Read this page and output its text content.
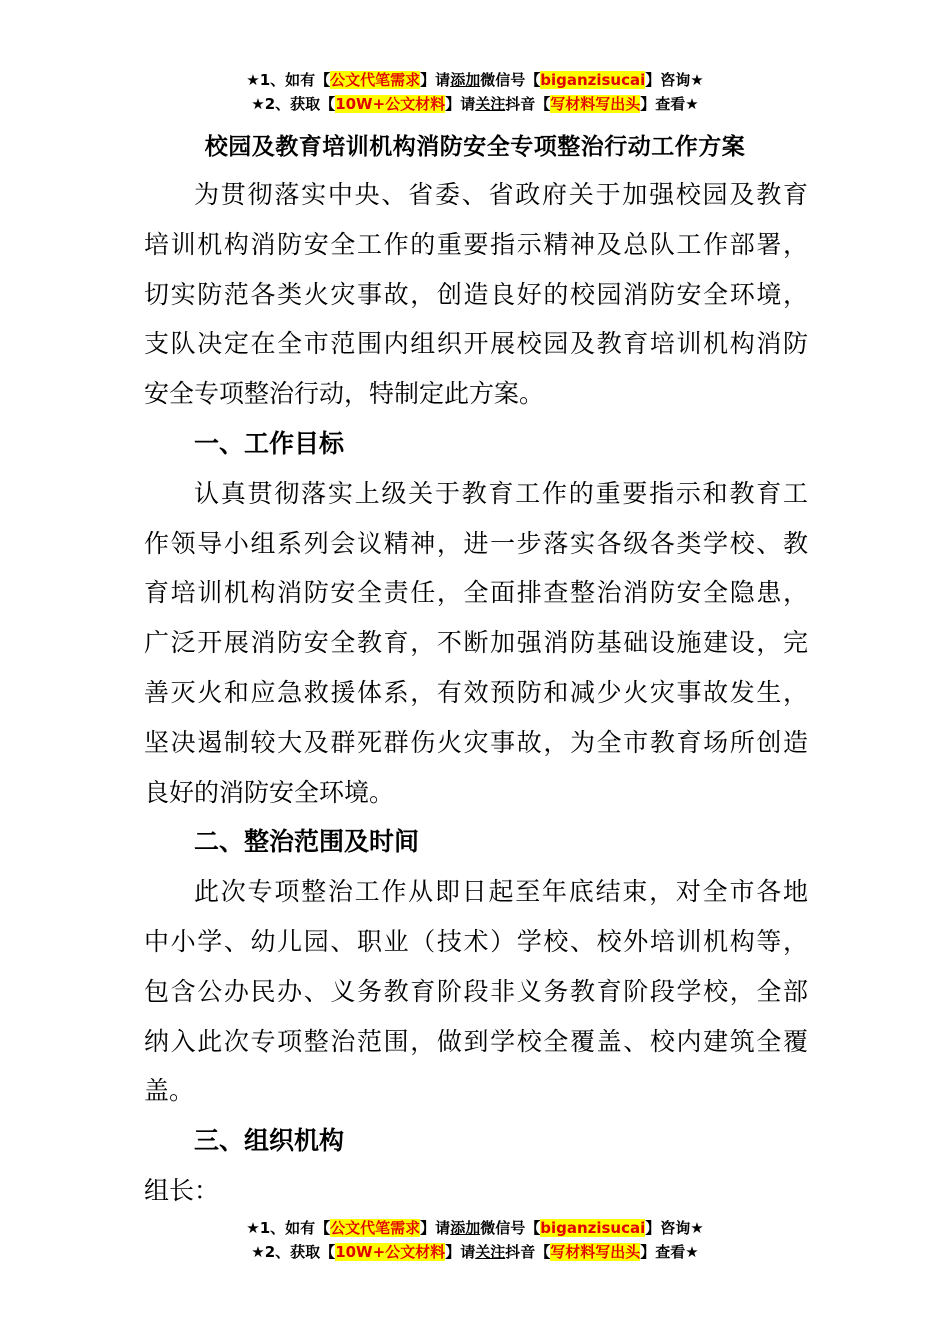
★1、如有【公文代笔需求】请添加微信号【biganzisucai】咨询★
★2、获取【10W+公文材料】请关注抖音【写材料写出头】查看★
校园及教育培训机构消防安全专项整治行动工作方案

为贯彻落实中央、省委、省政府关于加强校园及教育

培训机构消防安全工作的重要指示精神及总队工作部署，
切实防范各类火灾事故，创造良好的校园消防安全环境，
支队决定在全市范围内组织开展校园及教育培训机构消防
安全专项整治行动，特制定此方案。

一、工作目标

认真贯彻落实上级关于教育工作的重要指示和教育工

作领导小组系列会议精神，进一步落实各级各类学校、教
育培训机构消防安全责任，全面排查整治消防安全隐患，
广泛开展消防安全教育，不断加强消防基础设施建设，完
善灭火和应急救援体系，有效预防和减少火灾事故发生，
坚决遏制较大及群死群伤火灾事故，为全市教育场所创造
良好的消防安全环境。

二、整治范围及时间

此次专项整治工作从即日起至年底结束，对全市各地

中小学、幼儿园、职业（技术）学校、校外培训机构等，
包含公办民办、义务教育阶段非义务教育阶段学校，全部
纳入此次专项整治范围，做到学校全覆盖、校内建筑全覆
盖。

三、组织机构

组长：

★1、如有【公文代笔需求】请添加微信号【biganzisucai】咨询★
★2、获取【10W+公文材料】请关注抖音【写材料写出头】查看★
